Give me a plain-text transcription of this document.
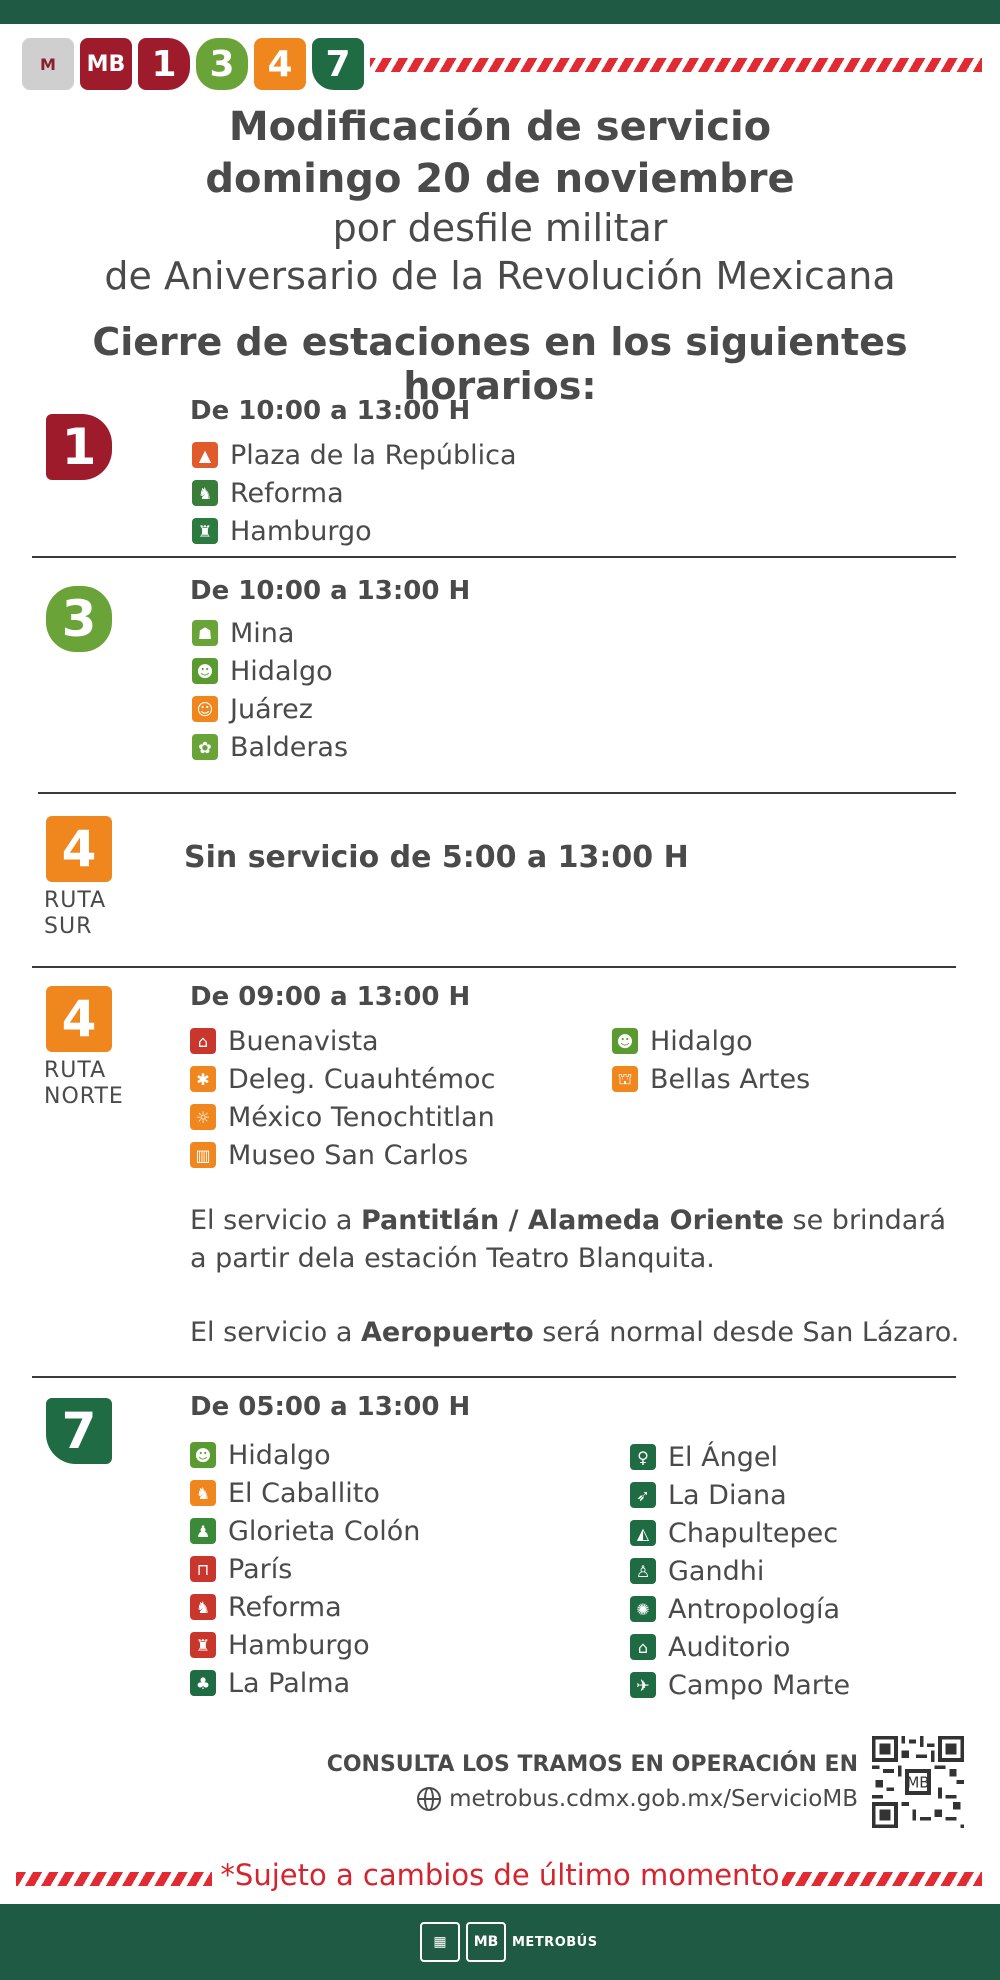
M	MB 1 3 4 7
Modificación de servicio
domingo 20 de noviembre
por desfile militar
de Aniversario de la Revolución Mexicana
Cierre de estaciones en los siguientes horarios:
1
De 10:00 a 13:00 H
▲ Plaza de la República
♞ Reforma
♜ Hamburgo
3	De 10:00 a 13:00 H
☗ Mina
☻ Hidalgo
☺ Juárez
✿ Balderas
4
RUTA
SUR
Sin servicio de 5:00 a 13:00 H
4
RUTA
NORTE
De 09:00 a 13:00 H
⌂ Buenavista
✱ Deleg. Cuauhtémoc
☼ México Tenochtitlan
▥ Museo San Carlos
☻ Hidalgo
⛫ Bellas Artes
El servicio a Pantitlán / Alameda Oriente se brindará
a partir dela estación Teatro Blanquita.
El servicio a Aeropuerto será normal desde San Lázaro.
7	De 05:00 a 13:00 H
☻ Hidalgo
♞ El Caballito
♟ Glorieta Colón
⊓ París
♞ Reforma
♜ Hamburgo
♣ La Palma
♀ El Ángel
➶ La Diana
◭ Chapultepec
♙ Gandhi
✺ Antropología
⌂ Auditorio
✈ Campo Marte
CONSULTA LOS TRAMOS EN OPERACIÓN EN
metrobus.cdmx.gob.mx/ServicioMB
MB
*Sujeto a cambios de último momento
▦	MB	METROBÚS
